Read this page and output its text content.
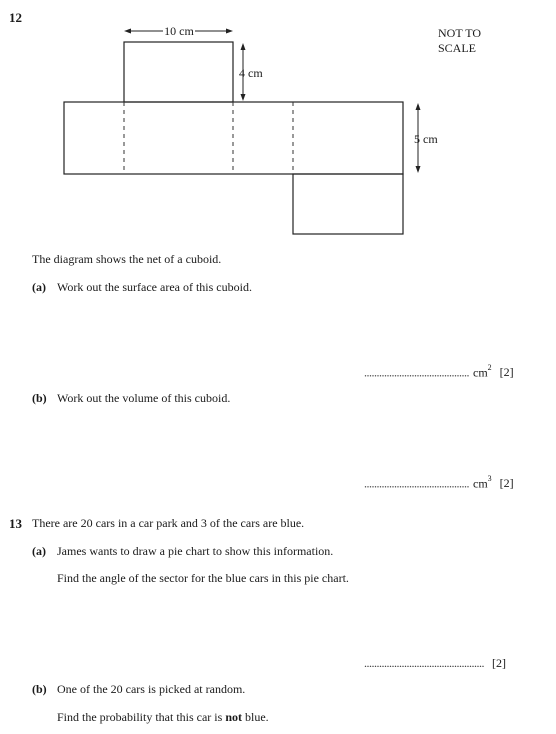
12
NOT TO
SCALE
10 cm
4 cm
5 cm
The diagram shows the net of a cuboid.
(a) Work out the surface area of this cuboid.
.......................................... $cm^2$ [2]
(b) Work out the volume of this cuboid.
.......................................... $cm^3$ [2]
13 There are 20 cars in a car park and 3 of the cars are blue.
(a) James wants to draw a pie chart to show this information.
Find the angle of the sector for the blue cars in this pie chart.
................................................ [2]
(b) One of the 20 cars is picked at random.
Find the probability that this car is not blue.
